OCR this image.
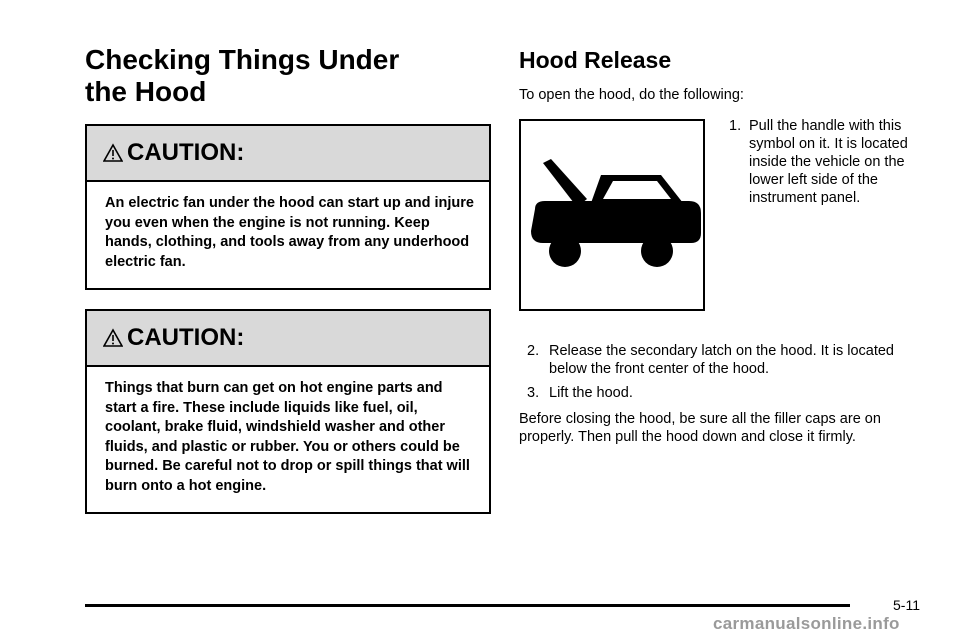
Checking Things Under
the Hood
CAUTION:
An electric fan under the hood can start up and injure you even when the engine is not running. Keep hands, clothing, and tools away from any underhood electric fan.
CAUTION:
Things that burn can get on hot engine parts and start a fire. These include liquids like fuel, oil, coolant, brake fluid, windshield washer and other fluids, and plastic or rubber. You or others could be burned. Be careful not to drop or spill things that will burn onto a hot engine.
Hood Release
To open the hood, do the following:
1. Pull the handle with this symbol on it. It is located inside the vehicle on the lower left side of the instrument panel.
2. Release the secondary latch on the hood. It is located below the front center of the hood.
3. Lift the hood.
Before closing the hood, be sure all the filler caps are on properly. Then pull the hood down and close it firmly.
5-11
carmanualsonline.info
